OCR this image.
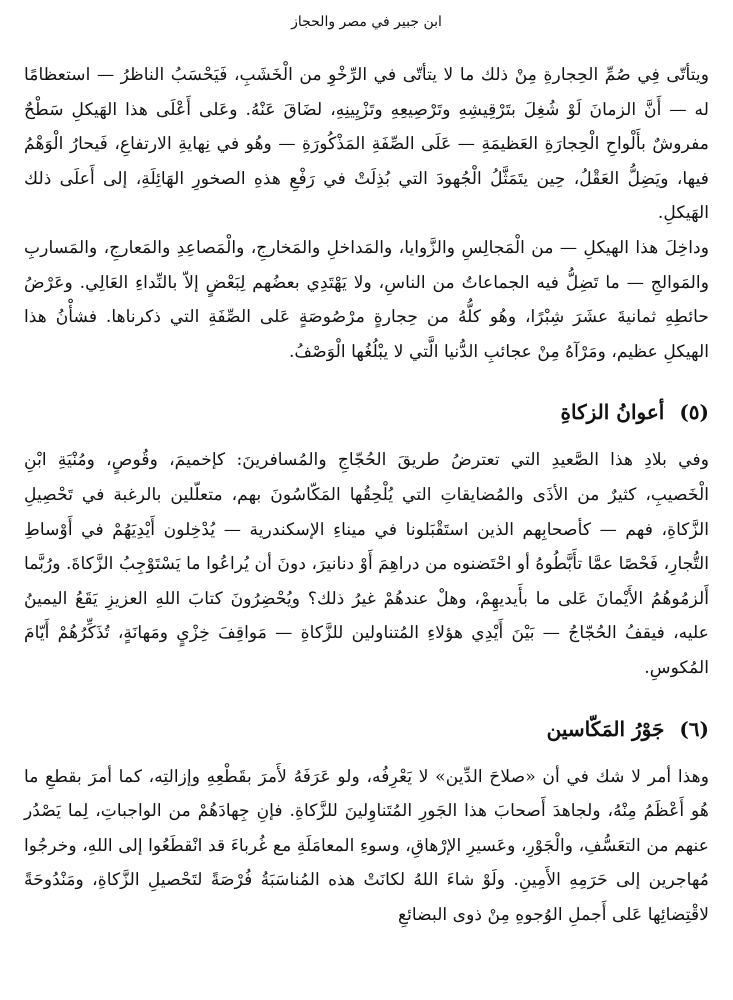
ابن جبير في مصر والحجاز

ويتأتّى فِي صُمِّ الحِجارةِ مِنْ ذلك ما لا يتأتّى في الرِّخْوِ من الْخَشَبِ، فَيَحْسَبُ الناظرُ — استعظامًا له — أَنَّ الزمانَ لَوْ شُغِلَ بتَرْقِيشِهِ وتَرْصِيعِهِ وتَزْيِينِهِ، لضَاقَ عَنْهُ. وعَلى أَعْلَى هذا الهَيكلِ سَطْحٌ مفروشٌ بأَلْواحِ الْحِجارَةِ العَظيمَةِ — عَلَى الصِّفَةِ المَذْكُورَةِ — وهُو في نِهايةِ الارتفاعِ، فَيحارُ الْوَهْمُ فيها، ويَضِلُّ العَقْلُ، حِين يتَمَثَّلُ الْجُهودَ التي بُذِلَتْ في رَفْعِ هذهِ الصخورِ الهَائِلَةِ، إلى أَعلَى ذلك الهَيكلِ.

وداخِلَ هذا الهيكلِ — من الْمَجالِسِ والزَّوايا، والمَداخلِ والمَخارجِ، والْمَصاعِدِ والمَعارجِ، والمَساربِ والمَوالجِ — ما تَضِلُّ فيه الجماعاتُ من الناسِ، ولا يَهْتَدِي بعضُهم لِبَعْضٍ إلاّ بالنِّداءِ العَالِي. وعَرْضُ حائطِهِ ثمانيةَ عشَرَ شِبْرًا، وهُو كلُّهُ من حِجارةٍ مرْصُوصَةٍ عَلى الصِّفَةِ التي ذكرناها. فشأْنُ هذا الهيكلِ عظيم، ومَرْآهُ مِنْ عجائبِ الدُّنيا الَّتي لا يبْلُغُها الْوَصْفُ.

(٥) أعوانُ الزكاةِ

وفي بلادِ هذا الصَّعيدِ التي تعترضُ طريقَ الحُجّاجِ والمُسافرينَ: كإخميمَ، وقُوصٍ، ومُنْيَةِ ابْنِ الْخَصيبِ، كثيرٌ من الأذَى والمُضايقاتِ التي يُلْحِقُها المَكّاسُونَ بهم، متعلّلين بالرغبة في تَحْصِيلِ الزَّكاةِ، فهم — كأصحابِهم الذين استَقْبَلونا في ميناءِ الإسكندرية — يُدْخِلون أَيْدِيَهُمْ في أَوْساطِ التُّجارِ، فَحْصًا عمَّا تأَبَّطُوهُ أو احْتَضنوه من دراهِمَ أَوْ دنانيرَ، دونَ أن يُراعُوا ما يَسْتَوْجِبُ الزَّكاةَ. ورُبَّما أَلزمُوهُمُ الأَيْمانَ عَلى ما بأَيديهِمْ، وهلْ عندهُمْ غيرُ ذلك؟ ويُحْضِرُونَ كتابَ اللهِ العزيزِ يَقَعُ اليمينُ عليه، فيقفُ الحُجّاجُ — بَيْنَ أَيْدِي هؤلاءِ المُتناولين للزَّكاةِ — مَواقِفَ خِزْيٍ ومَهانَةٍ، تُذَكِّرُهُمْ أَيّامَ المُكوسِ.

(٦) جَوْرُ المَكّاسين

وهذا أمر لا شك في أن «صلاحَ الدِّين» لا يَعْرِفُه، ولو عَرَفَهُ لأَمرَ بقَطْعِهِ وإزالتِه، كما أمرَ بقطعِ ما هُو أَعْظَمُ مِنْهُ، ولجاهدَ أَصحابَ هذا الجَورِ المُتَناوِلينَ للزَّكاةِ. فإنِ جِهادَهُمْ من الواجباتِ، لِما يَصْدُر عنهم من التعَسُّفِ، والْجَوْرِ، وعَسيرِ الإرْهاقِ، وسوءِ المعامَلَةِ مع غُرباءَ قد انْقطَعُوا إلى اللهِ، وخرجُوا مُهاجرين إلى حَرَمِهِ الأَمِينِ. ولَوْ شاءَ اللهُ لكانَتْ هذه المُناسَبَةُ فُرْصَةً لتَحْصيلِ الزَّكاةِ، ومَنْدُوحَةً لاقْتِضائِها عَلى أَجملِ الوُجوهِ مِنْ ذوى البضائعِ
